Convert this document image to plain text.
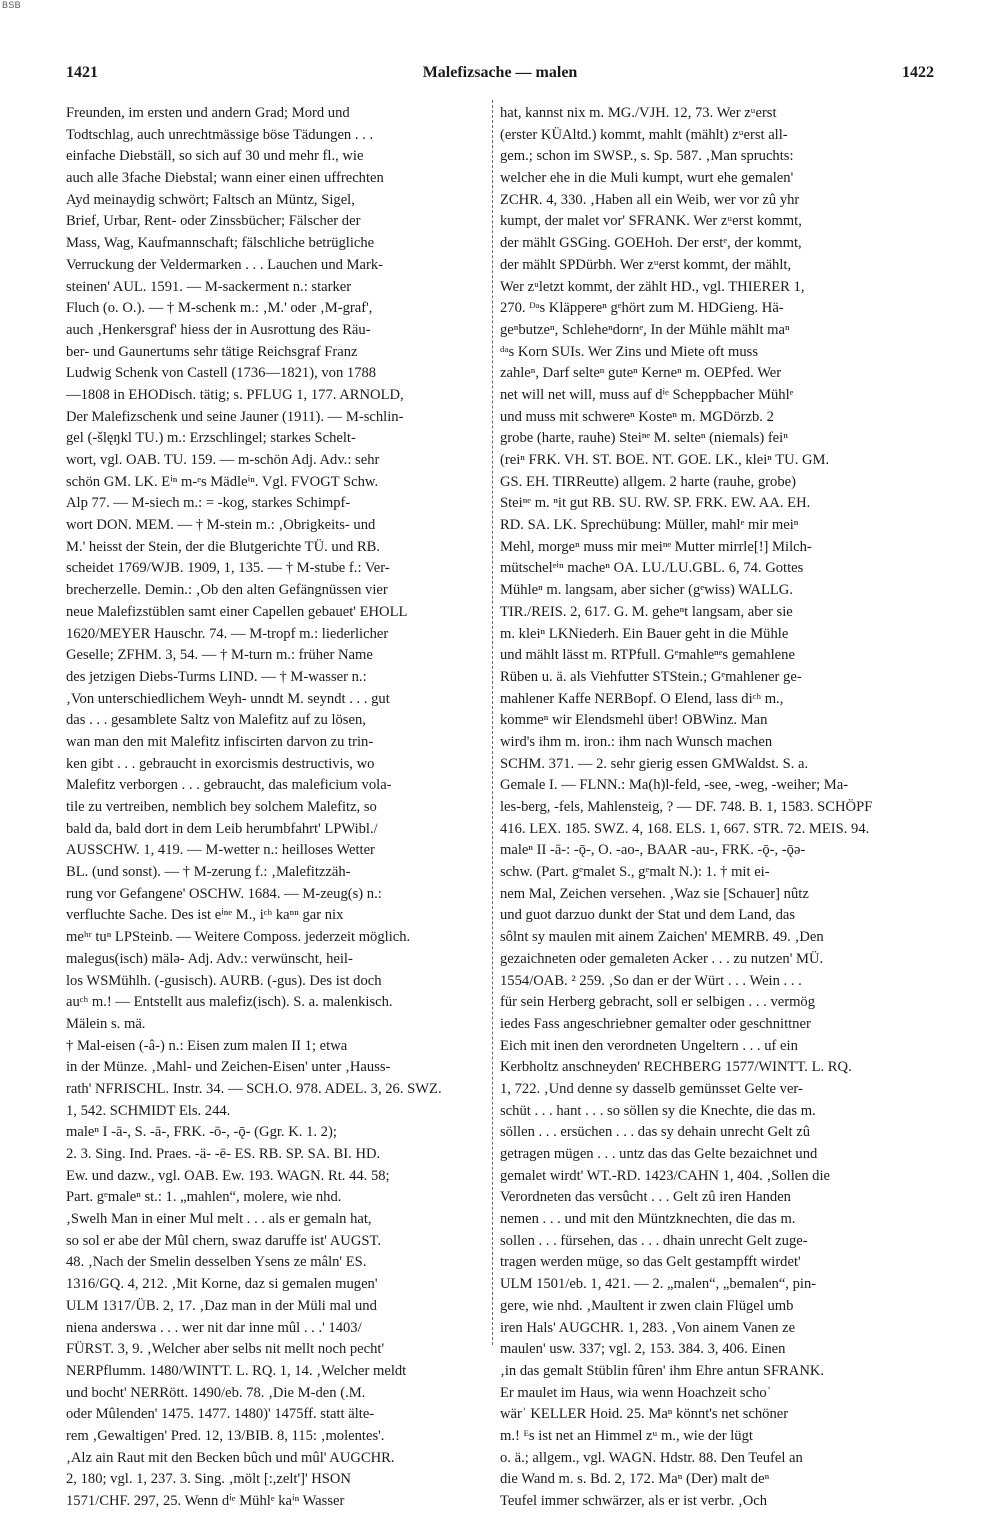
BSB
1421	Malefizsache — malen	1422
Freunden, im ersten und andern Grad; Mord und
Todtschlag, auch unrechtmässige böse Tädungen . . .
einfache Diebställ, so sich auf 30 und mehr fl., wie
auch alle 3fache Diebstal; wann einer einen uffrechten
Ayd meinaydig schwört; Faltsch an Müntz, Sigel,
Brief, Urbar, Rent- oder Zinssbücher; Fälscher der
Mass, Wag, Kaufmannschaft; fälschliche betrügliche
Verruckung der Veldermarken . . . Lauchen und Mark-
steinen' AUL. 1591. — M-sackerment n.: starker
Fluch (o. O.). — † M-schenk m.: ‚M.' oder ‚M-graf',
auch ‚Henkersgraf' hiess der in Ausrottung des Räu-
ber- und Gaunertums sehr tätige Reichsgraf Franz
Ludwig Schenk von Castell (1736—1821), von 1788
—1808 in EHODisch. tätig; s. PFLUG 1, 177. ARNOLD,
Der Malefizschenk und seine Jauner (1911). — M-schlin-
gel (-šlęŋkl TU.) m.: Erzschlingel; starkes Schelt-
wort, vgl. OAB. TU. 159. — m-schön Adj. Adv.: sehr
schön GM. LK. Eⁱⁿ m-ᵉs Mädleⁱⁿ. Vgl. FVOGT Schw.
Alp 77. — M-siech m.: = -kog, starkes Schimpf-
wort DON. MEM. — † M-stein m.: ‚Obrigkeits- und
M.' heisst der Stein, der die Blutgerichte TÜ. und RB.
scheidet 1769/WJB. 1909, 1, 135. — † M-stube f.: Ver-
brecherzelle. Demin.: ‚Ob den alten Gefängnüssen vier
neue Malefizstüblen samt einer Capellen gebauet' EHOLL
1620/MEYER Hauschr. 74. — M-tropf m.: liederlicher
Geselle; ZFHM. 3, 54. — † M-turn m.: früher Name
des jetzigen Diebs-Turms LIND. — † M-wasser n.:
‚Von unterschiedlichem Weyh- unndt M. seyndt . . . gut
das . . . gesamblete Saltz von Malefitz auf zu lösen,
wan man den mit Malefitz infiscirten darvon zu trin-
ken gibt . . . gebraucht in exorcismis destructivis, wo
Malefitz verborgen . . . gebraucht, das maleficium vola-
tile zu vertreiben, nemblich bey solchem Malefitz, so
bald da, bald dort in dem Leib herumbfahrt' LPWibl./
AUSSCHW. 1, 419. — M-wetter n.: heilloses Wetter
BL. (und sonst). — † M-zerung f.: ‚Malefitzzäh-
rung vor Gefangene' OSCHW. 1684. — M-zeug(s) n.:
verfluchte Sache. Des ist eⁱⁿᵉ M., iᶜʰ kaⁿⁿ gar nix
meʰʳ tuⁿ LPSteinb. — Weitere Composs. jederzeit möglich.
malegus(isch) mälə- Adj. Adv.: verwünscht, heil-
los WSMühlh. (-gusisch). AURB. (-gus). Des ist doch
auᶜʰ m.! — Entstellt aus malefiz(isch). S. a. malenkisch.
Mälein s. mä.
† Mal-eisen (-â-) n.: Eisen zum malen II 1; etwa
in der Münze. ‚Mahl- und Zeichen-Eisen' unter ‚Hauss-
rath' NFRISCHL. Instr. 34. — SCH.O. 978. ADEL. 3, 26. SWZ.
1, 542. SCHMIDT Els. 244.
maleⁿ I -ā-, S. -ā-, FRK. -ō-, -ǭ- (Ggr. K. 1. 2);
2. 3. Sing. Ind. Praes. -ä- -ē- ES. RB. SP. SA. BI. HD.
Ew. und dazw., vgl. OAB. Ew. 193. WAGN. Rt. 44. 58;
Part. gᵉmaleⁿ st.: 1. „mahlen“, molere, wie nhd.
‚Swelh Man in einer Mul melt . . . als er gemaln hat,
so sol er abe der Mûl chern, swaz daruffe ist' AUGST.
48. ‚Nach der Smelin desselben Ysens ze mâln' ES.
1316/GQ. 4, 212. ‚Mit Korne, daz si gemalen mugen'
ULM 1317/ÜB. 2, 17. ‚Daz man in der Müli mal und
niena anderswa . . . wer nit dar inne mûl . . .' 1403/
FÜRST. 3, 9. ‚Welcher aber selbs nit mellt noch pecht'
NERPflumm. 1480/WINTT. L. RQ. 1, 14. ‚Welcher meldt
und bocht' NERRött. 1490/eb. 78. ‚Die M-den (.M.
oder Mûlenden' 1475. 1477. 1480)' 1475ff. statt älte-
rem ‚Gewaltigen' Pred. 12, 13/BIB. 8, 115: ‚molentes'.
‚Alz ain Raut mit den Becken bûch und mûl' AUGCHR.
2, 180; vgl. 1, 237. 3. Sing. ‚mölt [:,zelt']' HSON
1571/CHF. 297, 25. Wenn dⁱᵉ Mühlᵉ kaⁱⁿ Wasser
hat, kannst nix m. MG./VJH. 12, 73. Wer zᵘerst
(erster KÜAltd.) kommt, mahlt (mählt) zᵘerst all-
gem.; schon im SWSP., s. Sp. 587. ‚Man spruchts:
welcher ehe in die Muli kumpt, wurt ehe gemalen'
ZCHR. 4, 330. ‚Haben all ein Weib, wer vor zû yhr
kumpt, der malet vor' SFRANK. Wer zᵘerst kommt,
der mählt GSGing. GOEHoh. Der erstᵉ, der kommt,
der mählt SPDürbh. Wer zᵘerst kommt, der mählt,
Wer zᵘletzt kommt, der zählt HD., vgl. THIERER 1,
270. ᴰᵃs Kläppereⁿ gᵉhört zum M. HDGieng. Hä-
geⁿbutzeⁿ, Schleheⁿdornᵉ, In der Mühle mählt maⁿ
ᵈᵃs Korn SUIs. Wer Zins und Miete oft muss
zahleⁿ, Darf selteⁿ guteⁿ Kerneⁿ m. OEPfed. Wer
net will net will, muss auf dⁱᵉ Scheppbacher Mühlᵉ
und muss mit schwereⁿ Kosteⁿ m. MGDörzb. 2
grobe (harte, rauhe) Steiⁿᵉ M. selteⁿ (niemals) feiⁿ
(reiⁿ FRK. VH. ST. BOE. NT. GOE. LK., kleiⁿ TU. GM.
GS. EH. TIRReutte) allgem. 2 harte (rauhe, grobe)
Steiⁿᵉ m. ⁿit gut RB. SU. RW. SP. FRK. EW. AA. EH.
RD. SA. LK. Sprechübung: Müller, mahlᵉ mir meiⁿ
Mehl, morgeⁿ muss mir meiⁿᵉ Mutter mirrle[!] Milch-
mütschelᵉⁱⁿ macheⁿ OA. LU./LU.GBL. 6, 74. Gottes
Mühleⁿ m. langsam, aber sicher (gᵉwiss) WALLG.
TIR./REIS. 2, 617. G. M. geheⁿt langsam, aber sie
m. kleiⁿ LKNiederh. Ein Bauer geht in die Mühle
und mählt lässt m. RTPfull. Gᵉmahleⁿᵉs gemahlene
Rüben u. ä. als Viehfutter STStein.; Gᵉmahlener ge-
mahlener Kaffe NERBopf. O Elend, lass diᶜʰ m.,
kommeⁿ wir Elendsmehl über! OBWinz. Man
wird's ihm m. iron.: ihm nach Wunsch machen
SCHM. 371. — 2. sehr gierig essen GMWaldst. S. a.
Gemale I. — FLNN.: Ma(h)l-feld, -see, -weg, -weiher; Ma-
les-berg, -fels, Mahlensteig, ? — DF. 748. B. 1, 1583. SCHÖPF
416. LEX. 185. SWZ. 4, 168. ELS. 1, 667. STR. 72. MEIS. 94.
maleⁿ II -ā-: -ǭ-, O. -ao-, BAAR -au-, FRK. -ǭ-, -ǭə-
schw. (Part. gᵉmalet S., gᵉmalt N.): 1. † mit ei-
nem Mal, Zeichen versehen. ‚Waz sie [Schauer] nûtz
und guot darzuo dunkt der Stat und dem Land, das
sôlnt sy maulen mit ainem Zaichen' MEMRB. 49. ‚Den
gezaichneten oder gemaleten Acker . . . zu nutzen' MÜ.
1554/OAB. ² 259. ‚So dan er der Würt . . . Wein . . .
für sein Herberg gebracht, soll er selbigen . . . vermög
iedes Fass angeschriebner gemalter oder geschnittner
Eich mit inen den verordneten Ungeltern . . . uf ein
Kerbholtz anschneyden' RECHBERG 1577/WINTT. L. RQ.
1, 722. ‚Und denne sy dasselb gemünsset Gelte ver-
schüt . . . hant . . . so söllen sy die Knechte, die das m.
söllen . . . ersüchen . . . das sy dehain unrecht Gelt zû
getragen mügen . . . untz das das Gelte bezaichnet und
gemalet wirdt' WT.-RD. 1423/CAHN 1, 404. ‚Sollen die
Verordneten das versûcht . . . Gelt zû iren Handen
nemen . . . und mit den Müntzknechten, die das m.
sollen . . . fürsehen, das . . . dhain unrecht Gelt zuge-
tragen werden müge, so das Gelt gestampfft wirdet'
ULM 1501/eb. 1, 421. — 2. „malen“, „bemalen“, pin-
gere, wie nhd. ‚Maultent ir zwen clain Flügel umb
iren Hals' AUGCHR. 1, 283. ‚Von ainem Vanen ze
maulen' usw. 337; vgl. 2, 153. 384. 3, 406. Einen
‚in das gemalt Stüblin fûren' ihm Ehre antun SFRANK.
Er maulet im Haus, wia wenn Hoachzeit schoˈ
wärˈ KELLER Hoid. 25. Maⁿ könnt's net schöner
m.! ᴱs ist net an Himmel zᵘ m., wie der lügt
o. ä.; allgem., vgl. WAGN. Hdstr. 88. Den Teufel an
die Wand m. s. Bd. 2, 172. Maⁿ (Der) malt deⁿ
Teufel immer schwärzer, als er ist verbr. ‚Och
